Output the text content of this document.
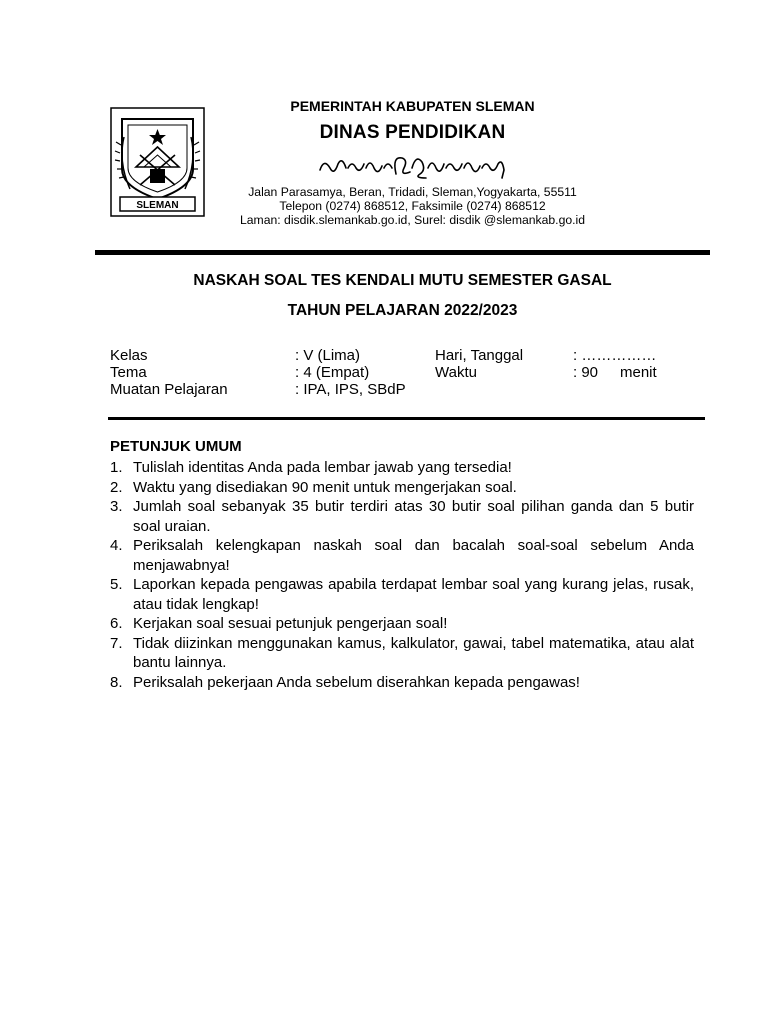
SLEMAN
PEMERINTAH KABUPATEN SLEMAN
DINAS PENDIDIKAN
Jalan Parasamya, Beran, Tridadi, Sleman,Yogyakarta, 55511
Telepon (0274) 868512, Faksimile (0274) 868512
Laman: disdik.slemankab.go.id, Surel: disdik @slemankab.go.id
NASKAH SOAL TES KENDALI MUTU SEMESTER GASAL
TAHUN PELAJARAN 2022/2023
Kelas	: V (Lima)
Tema	: 4 (Empat)
Muatan Pelajaran	: IPA, IPS, SBdP
Hari, Tanggal	: ……………
Waktu	: 90 menit
PETUNJUK UMUM
1. Tulislah identitas Anda pada lembar jawab yang tersedia!
2. Waktu yang disediakan 90 menit untuk mengerjakan soal.
3. Jumlah soal sebanyak 35 butir terdiri atas 30 butir soal pilihan ganda dan 5 butir soal uraian.
4. Periksalah kelengkapan naskah soal dan bacalah soal-soal sebelum Anda menjawabnya!
5. Laporkan kepada pengawas apabila terdapat lembar soal yang kurang jelas, rusak, atau tidak lengkap!
6. Kerjakan soal sesuai petunjuk pengerjaan soal!
7. Tidak diizinkan menggunakan kamus, kalkulator, gawai, tabel matematika, atau alat bantu lainnya.
8. Periksalah pekerjaan Anda sebelum diserahkan kepada pengawas!
